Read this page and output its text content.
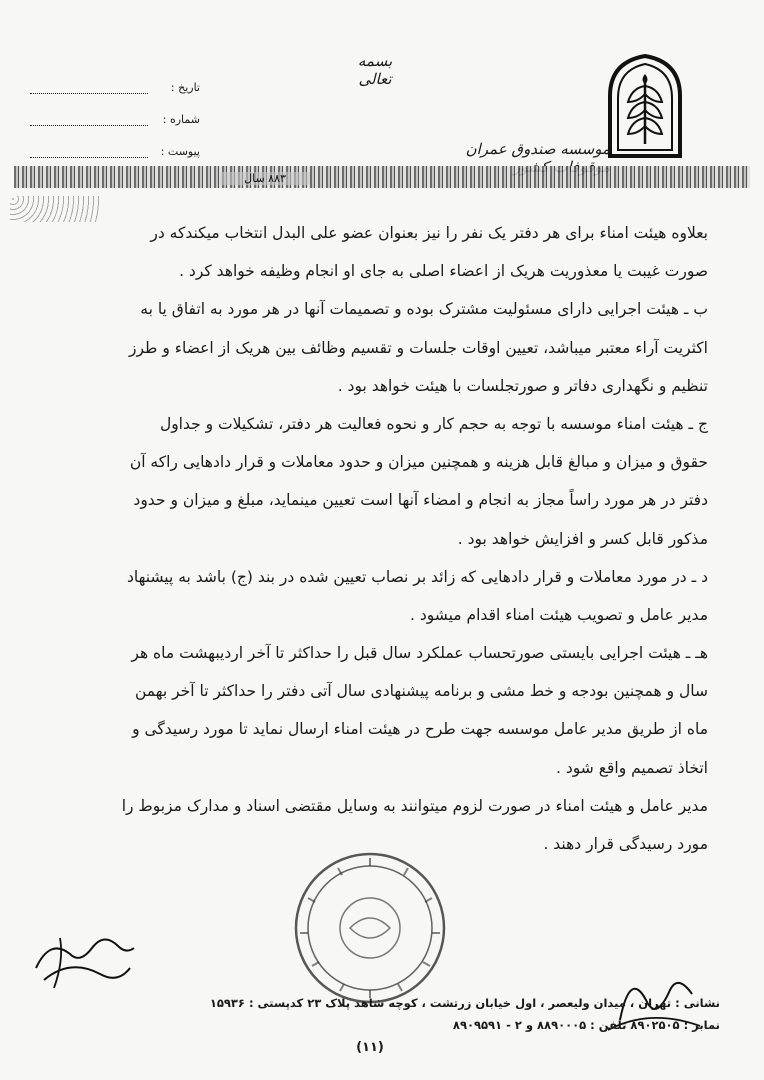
تاریخ :
شماره :
پیوست :
بسمه تعالی
موسسه صندوق عمران
۸۸۳ سال
بعلاوه هیئت امناء برای هر دفتر یک نفر را نیز بعنوان عضو علی البدل انتخاب میکندکه در
صورت غیبت یا معذوریت هریک از اعضاء اصلی به جای او انجام وظیفه خواهد کرد .
ب ـ هیئت اجرایی دارای مسئولیت مشترک بوده و تصمیمات آنها در هر مورد به اتفاق یا به
اکثریت آراء معتبر میباشد، تعیین اوقات جلسات و تقسیم وظائف بین هریک از اعضاء و طرز
تنظیم و نگهداری دفاتر و صورتجلسات با هیئت خواهد بود .
ج ـ هیئت امناء موسسه با توجه به حجم کار و نحوه فعالیت هر دفتر، تشکیلات و جداول
حقوق و میزان و مبالغ قابل هزینه و همچنین میزان و حدود معاملات و قرار دادهایی راکه آن
دفتر در هر مورد راساً مجاز به انجام و امضاء آنها است تعیین مینماید، مبلغ و میزان و حدود
مذکور قابل کسر و افزایش خواهد بود .
د ـ در مورد معاملات و قرار دادهایی که زائد بر نصاب تعیین شده در بند (ج) باشد به پیشنهاد
مدیر عامل و تصویب هیئت امناء اقدام میشود .
هـ ـ هیئت اجرایی بایستی صورتحساب عملکرد سال قبل را حداکثر تا آخر اردیبهشت ماه هر
سال و همچنین بودجه و خط مشی و برنامه پیشنهادی سال آتی دفتر را حداکثر تا آخر بهمن
ماه از طریق مدیر عامل موسسه جهت طرح در هیئت امناء ارسال نماید تا مورد رسیدگی و
اتخاذ تصمیم واقع شود .
مدیر عامل و هیئت امناء در صورت لزوم میتوانند به وسایل مقتضی اسناد و مدارک مزبوط را
مورد رسیدگی قرار دهند .
نشانی : تهران ، میدان ولیعصر ، اول خیابان زرتشت ، کوچه شاهد پلاک ۲۳ کدپستی : ۱۵۹۳۶
نمابر : ۸۹۰۲۵۰۵ تلفن : ۸۸۹۰۰۰۵ و ۲ - ۸۹۰۹۵۹۱
(۱۱)
